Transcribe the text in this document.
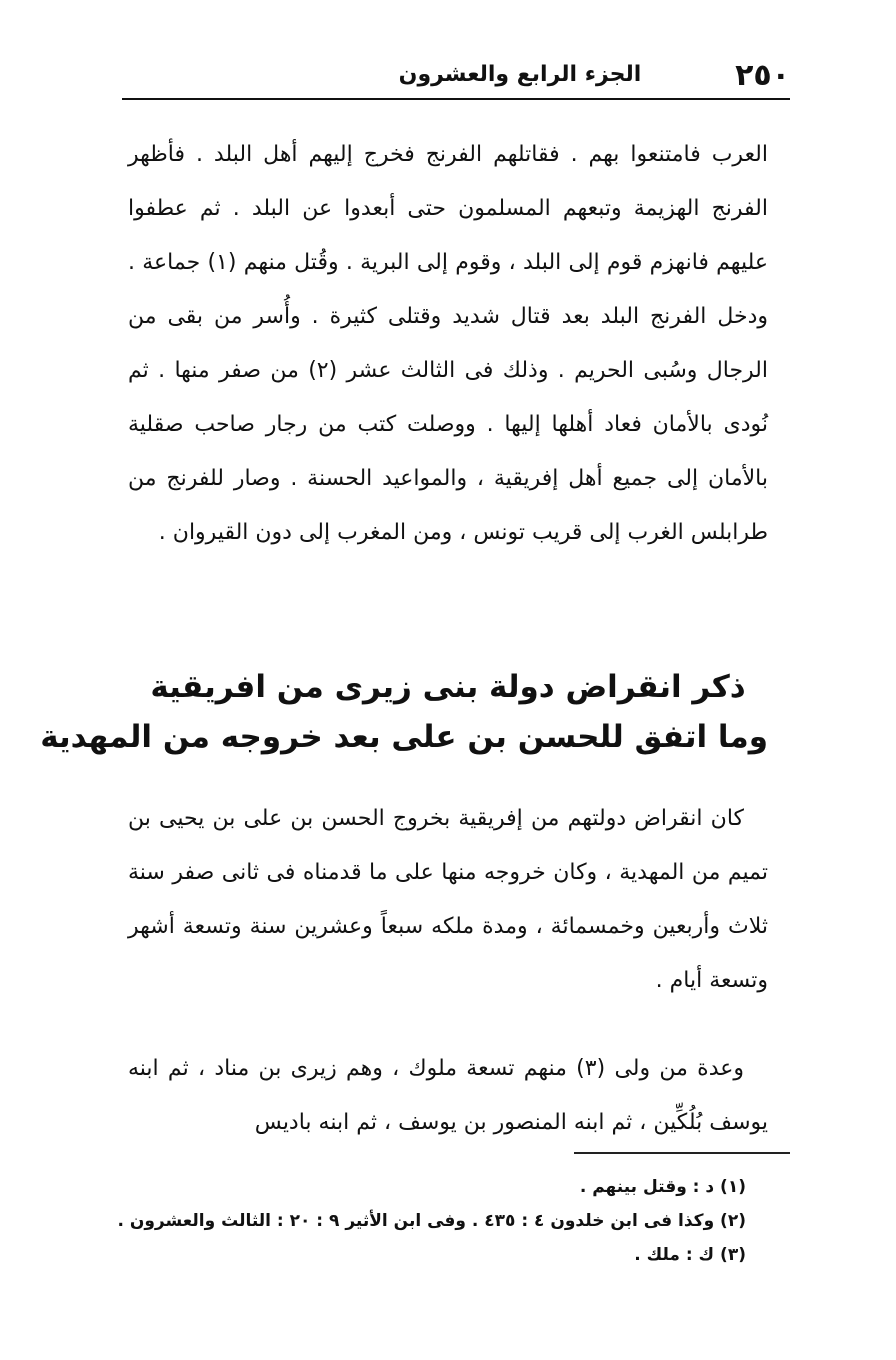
٢٥٠
الجزء الرابع والعشرون

العرب فامتنعوا بهم . فقاتلهم الفرنج فخرج إليهم أهل البلد . فأظهر الفرنج الهزيمة وتبعهم المسلمون حتى أبعدوا عن البلد . ثم عطفوا عليهم فانهزم قوم إلى البلد ، وقوم إلى البرية . وقُتل منهم (١) جماعة . ودخل الفرنج البلد بعد قتال شديد وقتلى كثيرة . وأُسر من بقى من الرجال وسُبى الحريم . وذلك فى الثالث عشر (٢) من صفر منها . ثم نُودى بالأمان فعاد أهلها إليها . ووصلت كتب من رجار صاحب صقلية بالأمان إلى جميع أهل إفريقية ، والمواعيد الحسنة . وصار للفرنج من طرابلس الغرب إلى قريب تونس ، ومن المغرب إلى دون القيروان .

ذكر انقراض دولة بنى زيرى من افريقية
وما اتفق للحسن بن على بعد خروجه من المهدية

كان انقراض دولتهم من إفريقية بخروج الحسن بن على بن يحيى بن تميم من المهدية ، وكان خروجه منها على ما قدمناه فى ثانى صفر سنة ثلاث وأربعين وخمسمائة ، ومدة ملكه سبعاً وعشرين سنة وتسعة أشهر وتسعة أيام .

وعدة من ولى (٣) منهم تسعة ملوك ، وهم زيرى بن مناد ، ثم ابنه يوسف بُلُكِّين ، ثم ابنه المنصور بن يوسف ، ثم ابنه باديس

(١) د : وقتل بينهم .
(٢) وكذا فى ابن خلدون ٤ : ٤٣٥ . وفى ابن الأثير ٩ : ٢٠ : الثالث والعشرون .
(٣) ك : ملك .
